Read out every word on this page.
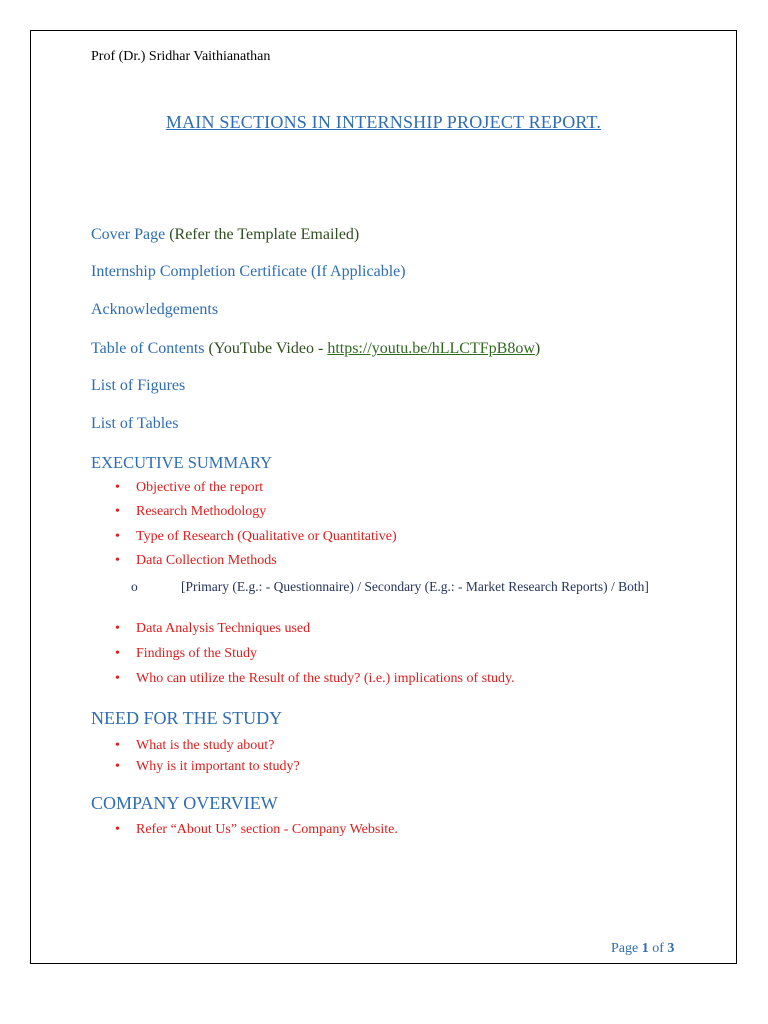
Prof (Dr.) Sridhar Vaithianathan
MAIN SECTIONS IN INTERNSHIP PROJECT REPORT.
Cover Page (Refer the Template Emailed)
Internship Completion Certificate (If Applicable)
Acknowledgements
Table of Contents (YouTube Video - https://youtu.be/hLLCTFpB8ow)
List of Figures
List of Tables
EXECUTIVE SUMMARY
• Objective of the report
• Research Methodology
• Type of Research (Qualitative or Quantitative)
• Data Collection Methods
• Data Analysis Techniques used
• Findings of the Study
• Who can utilize the Result of the study? (i.e.) implications of study.
o	[Primary (E.g.: - Questionnaire) / Secondary (E.g.: - Market Research Reports) / Both]
NEED FOR THE STUDY
• What is the study about?
• Why is it important to study?
COMPANY OVERVIEW
• Refer “About Us” section - Company Website.
Page 1 of 3
